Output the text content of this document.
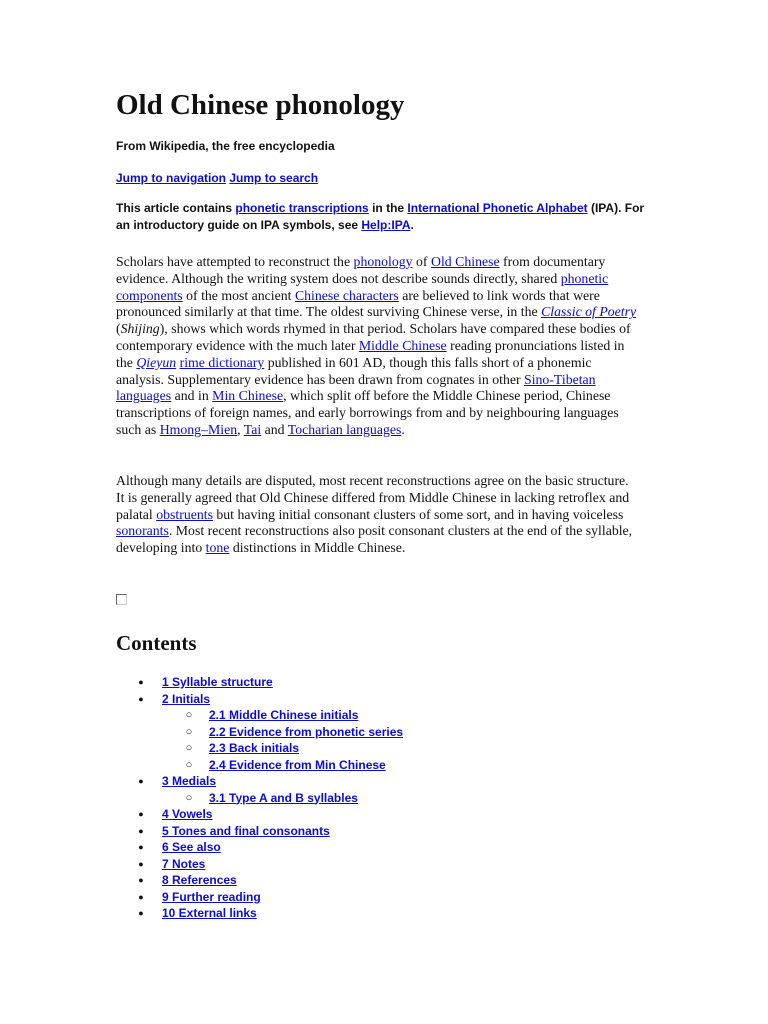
Old Chinese phonology
From Wikipedia, the free encyclopedia
Jump to navigation Jump to search
This article contains phonetic transcriptions in the International Phonetic Alphabet (IPA). For an introductory guide on IPA symbols, see Help:IPA.

Scholars have attempted to reconstruct the phonology of Old Chinese from documentary evidence. Although the writing system does not describe sounds directly, shared phonetic components of the most ancient Chinese characters are believed to link words that were pronounced similarly at that time. The oldest surviving Chinese verse, in the Classic of Poetry (Shijing), shows which words rhymed in that period. Scholars have compared these bodies of contemporary evidence with the much later Middle Chinese reading pronunciations listed in the Qieyun rime dictionary published in 601 AD, though this falls short of a phonemic analysis. Supplementary evidence has been drawn from cognates in other Sino-Tibetan languages and in Min Chinese, which split off before the Middle Chinese period, Chinese transcriptions of foreign names, and early borrowings from and by neighbouring languages such as Hmong–Mien, Tai and Tocharian languages.

Although many details are disputed, most recent reconstructions agree on the basic structure. It is generally agreed that Old Chinese differed from Middle Chinese in lacking retroflex and palatal obstruents but having initial consonant clusters of some sort, and in having voiceless sonorants. Most recent reconstructions also posit consonant clusters at the end of the syllable, developing into tone distinctions in Middle Chinese.

Contents
● 1 Syllable structure
● 2 Initials
○ 2.1 Middle Chinese initials
○ 2.2 Evidence from phonetic series
○ 2.3 Back initials
○ 2.4 Evidence from Min Chinese
● 3 Medials
○ 3.1 Type A and B syllables
● 4 Vowels
● 5 Tones and final consonants
● 6 See also
● 7 Notes
● 8 References
● 9 Further reading
● 10 External links
